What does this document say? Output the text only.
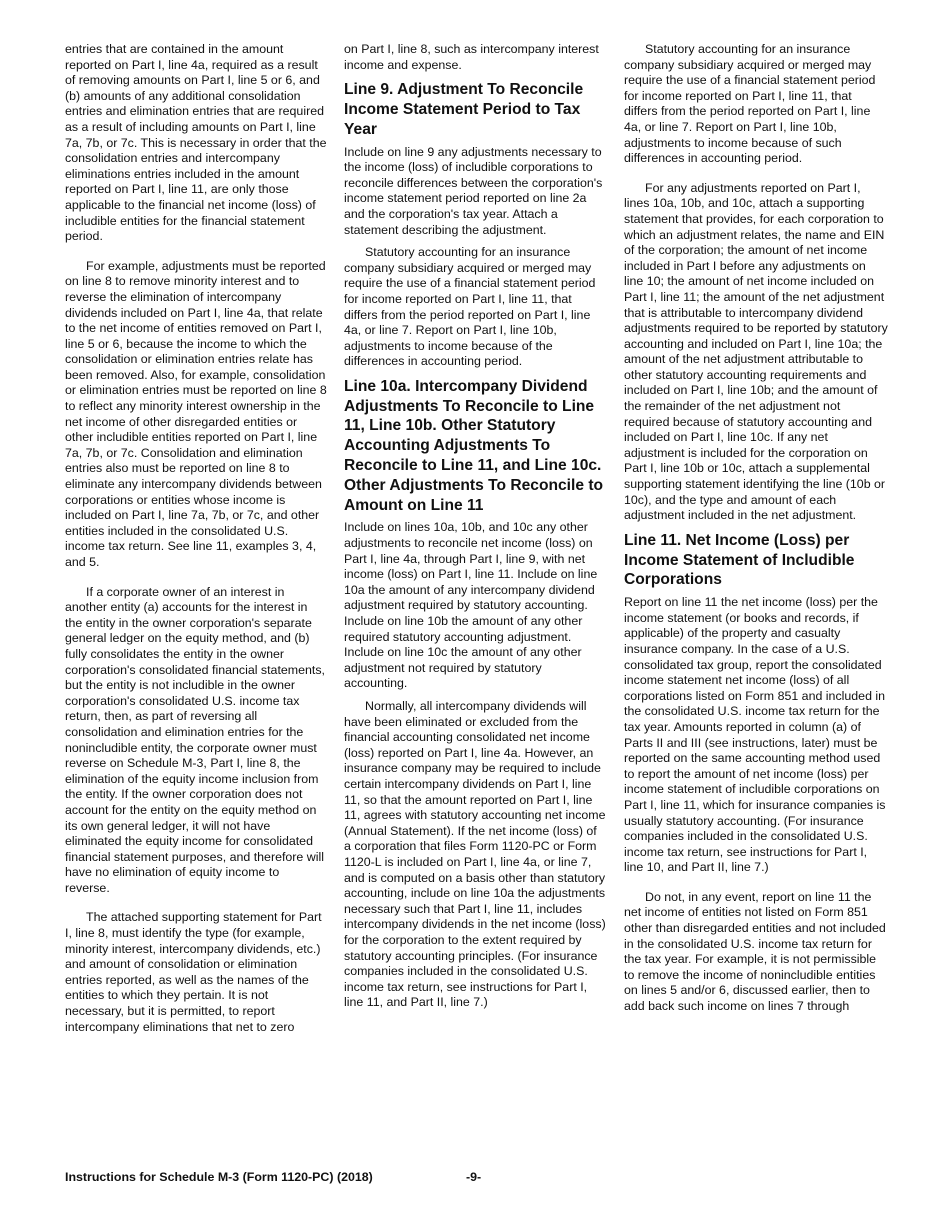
entries that are contained in the amount reported on Part I, line 4a, required as a result of removing amounts on Part I, line 5 or 6, and (b) amounts of any additional consolidation entries and elimination entries that are required as a result of including amounts on Part I, line 7a, 7b, or 7c. This is necessary in order that the consolidation entries and intercompany eliminations entries included in the amount reported on Part I, line 11, are only those applicable to the financial net income (loss) of includible entities for the financial statement period.

For example, adjustments must be reported on line 8 to remove minority interest and to reverse the elimination of intercompany dividends included on Part I, line 4a, that relate to the net income of entities removed on Part I, line 5 or 6, because the income to which the consolidation or elimination entries relate has been removed. Also, for example, consolidation or elimination entries must be reported on line 8 to reflect any minority interest ownership in the net income of other disregarded entities or other includible entities reported on Part I, line 7a, 7b, or 7c. Consolidation and elimination entries also must be reported on line 8 to eliminate any intercompany dividends between corporations or entities whose income is included on Part I, line 7a, 7b, or 7c, and other entities included in the consolidated U.S. income tax return. See line 11, examples 3, 4, and 5.

If a corporate owner of an interest in another entity (a) accounts for the interest in the entity in the owner corporation's separate general ledger on the equity method, and (b) fully consolidates the entity in the owner corporation's consolidated financial statements, but the entity is not includible in the owner corporation's consolidated U.S. income tax return, then, as part of reversing all consolidation and elimination entries for the nonincludible entity, the corporate owner must reverse on Schedule M-3, Part I, line 8, the elimination of the equity income inclusion from the entity. If the owner corporation does not account for the entity on the equity method on its own general ledger, it will not have eliminated the equity income for consolidated financial statement purposes, and therefore will have no elimination of equity income to reverse.

The attached supporting statement for Part I, line 8, must identify the type (for example, minority interest, intercompany dividends, etc.) and amount of consolidation or elimination entries reported, as well as the names of the entities to which they pertain. It is not necessary, but it is permitted, to report intercompany eliminations that net to zero

on Part I, line 8, such as intercompany interest income and expense.

Line 9. Adjustment To Reconcile Income Statement Period to Tax Year

Include on line 9 any adjustments necessary to the income (loss) of includible corporations to reconcile differences between the corporation's income statement period reported on line 2a and the corporation's tax year. Attach a statement describing the adjustment.

Statutory accounting for an insurance company subsidiary acquired or merged may require the use of a financial statement period for income reported on Part I, line 11, that differs from the period reported on Part I, line 4a, or line 7. Report on Part I, line 10b, adjustments to income because of the differences in accounting period.

Line 10a. Intercompany Dividend Adjustments To Reconcile to Line 11, Line 10b. Other Statutory Accounting Adjustments To Reconcile to Line 11, and Line 10c. Other Adjustments To Reconcile to Amount on Line 11

Include on lines 10a, 10b, and 10c any other adjustments to reconcile net income (loss) on Part I, line 4a, through Part I, line 9, with net income (loss) on Part I, line 11. Include on line 10a the amount of any intercompany dividend adjustment required by statutory accounting. Include on line 10b the amount of any other required statutory accounting adjustment. Include on line 10c the amount of any other adjustment not required by statutory accounting.

Normally, all intercompany dividends will have been eliminated or excluded from the financial accounting consolidated net income (loss) reported on Part I, line 4a. However, an insurance company may be required to include certain intercompany dividends on Part I, line 11, so that the amount reported on Part I, line 11, agrees with statutory accounting net income (Annual Statement). If the net income (loss) of a corporation that files Form 1120-PC or Form 1120-L is included on Part I, line 4a, or line 7, and is computed on a basis other than statutory accounting, include on line 10a the adjustments necessary such that Part I, line 11, includes intercompany dividends in the net income (loss) for the corporation to the extent required by statutory accounting principles. (For insurance companies included in the consolidated U.S. income tax return, see instructions for Part I, line 11, and Part II, line 7.)

Statutory accounting for an insurance company subsidiary acquired or merged may require the use of a financial statement period for income reported on Part I, line 11, that differs from the period reported on Part I, line 4a, or line 7. Report on Part I, line 10b, adjustments to income because of such differences in accounting period.

For any adjustments reported on Part I, lines 10a, 10b, and 10c, attach a supporting statement that provides, for each corporation to which an adjustment relates, the name and EIN of the corporation; the amount of net income included in Part I before any adjustments on line 10; the amount of net income included on Part I, line 11; the amount of the net adjustment that is attributable to intercompany dividend adjustments required to be reported by statutory accounting and included on Part I, line 10a; the amount of the net adjustment attributable to other statutory accounting requirements and included on Part I, line 10b; and the amount of the remainder of the net adjustment not required because of statutory accounting and included on Part I, line 10c. If any net adjustment is included for the corporation on Part I, line 10b or 10c, attach a supplemental supporting statement identifying the line (10b or 10c), and the type and amount of each adjustment included in the net adjustment.

Line 11. Net Income (Loss) per Income Statement of Includible Corporations

Report on line 11 the net income (loss) per the income statement (or books and records, if applicable) of the property and casualty insurance company. In the case of a U.S. consolidated tax group, report the consolidated income statement net income (loss) of all corporations listed on Form 851 and included in the consolidated U.S. income tax return for the tax year. Amounts reported in column (a) of Parts II and III (see instructions, later) must be reported on the same accounting method used to report the amount of net income (loss) per income statement of includible corporations on Part I, line 11, which for insurance companies is usually statutory accounting. (For insurance companies included in the consolidated U.S. income tax return, see instructions for Part I, line 10, and Part II, line 7.)

Do not, in any event, report on line 11 the net income of entities not listed on Form 851 other than disregarded entities and not included in the consolidated U.S. income tax return for the tax year. For example, it is not permissible to remove the income of nonincludible entities on lines 5 and/or 6, discussed earlier, then to add back such income on lines 7 through

Instructions for Schedule M-3 (Form 1120-PC) (2018)	-9-
